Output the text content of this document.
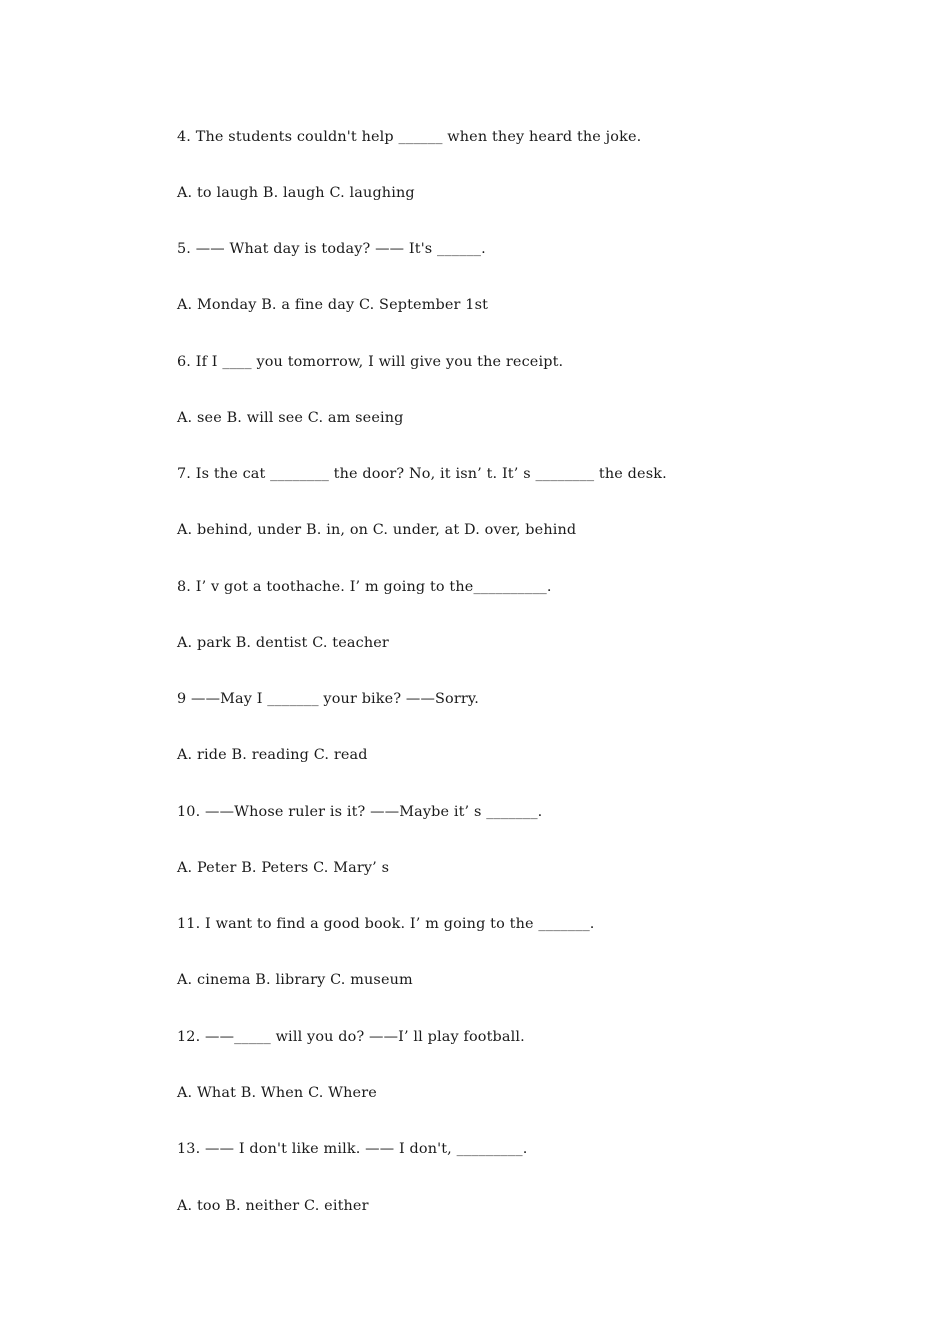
4. The students couldn't help ______ when they heard the joke.

A. to laugh B. laugh C. laughing

5. —— What day is today? —— It's ______.

A. Monday B. a fine day C. September 1st

6. If I ____ you tomorrow, I will give you the receipt.

A. see B. will see C. am seeing

7. Is the cat ________ the door? No, it isn’ t. It’ s ________ the desk.

A. behind, under B. in, on C. under, at D. over, behind

8. I’ v got a toothache. I’ m going to the__________.

A. park B. dentist C. teacher

9 ——May I _______ your bike? ——Sorry.

A. ride B. reading C. read

10. ——Whose ruler is it? ——Maybe it’ s _______.

A. Peter B. Peters C. Mary’ s

11. I want to find a good book. I’ m going to the _______.

A. cinema B. library C. museum

12. ——_____ will you do? ——I’ ll play football.

A. What B. When C. Where

13. —— I don't like milk. —— I don't, _________.

A. too B. neither C. either
